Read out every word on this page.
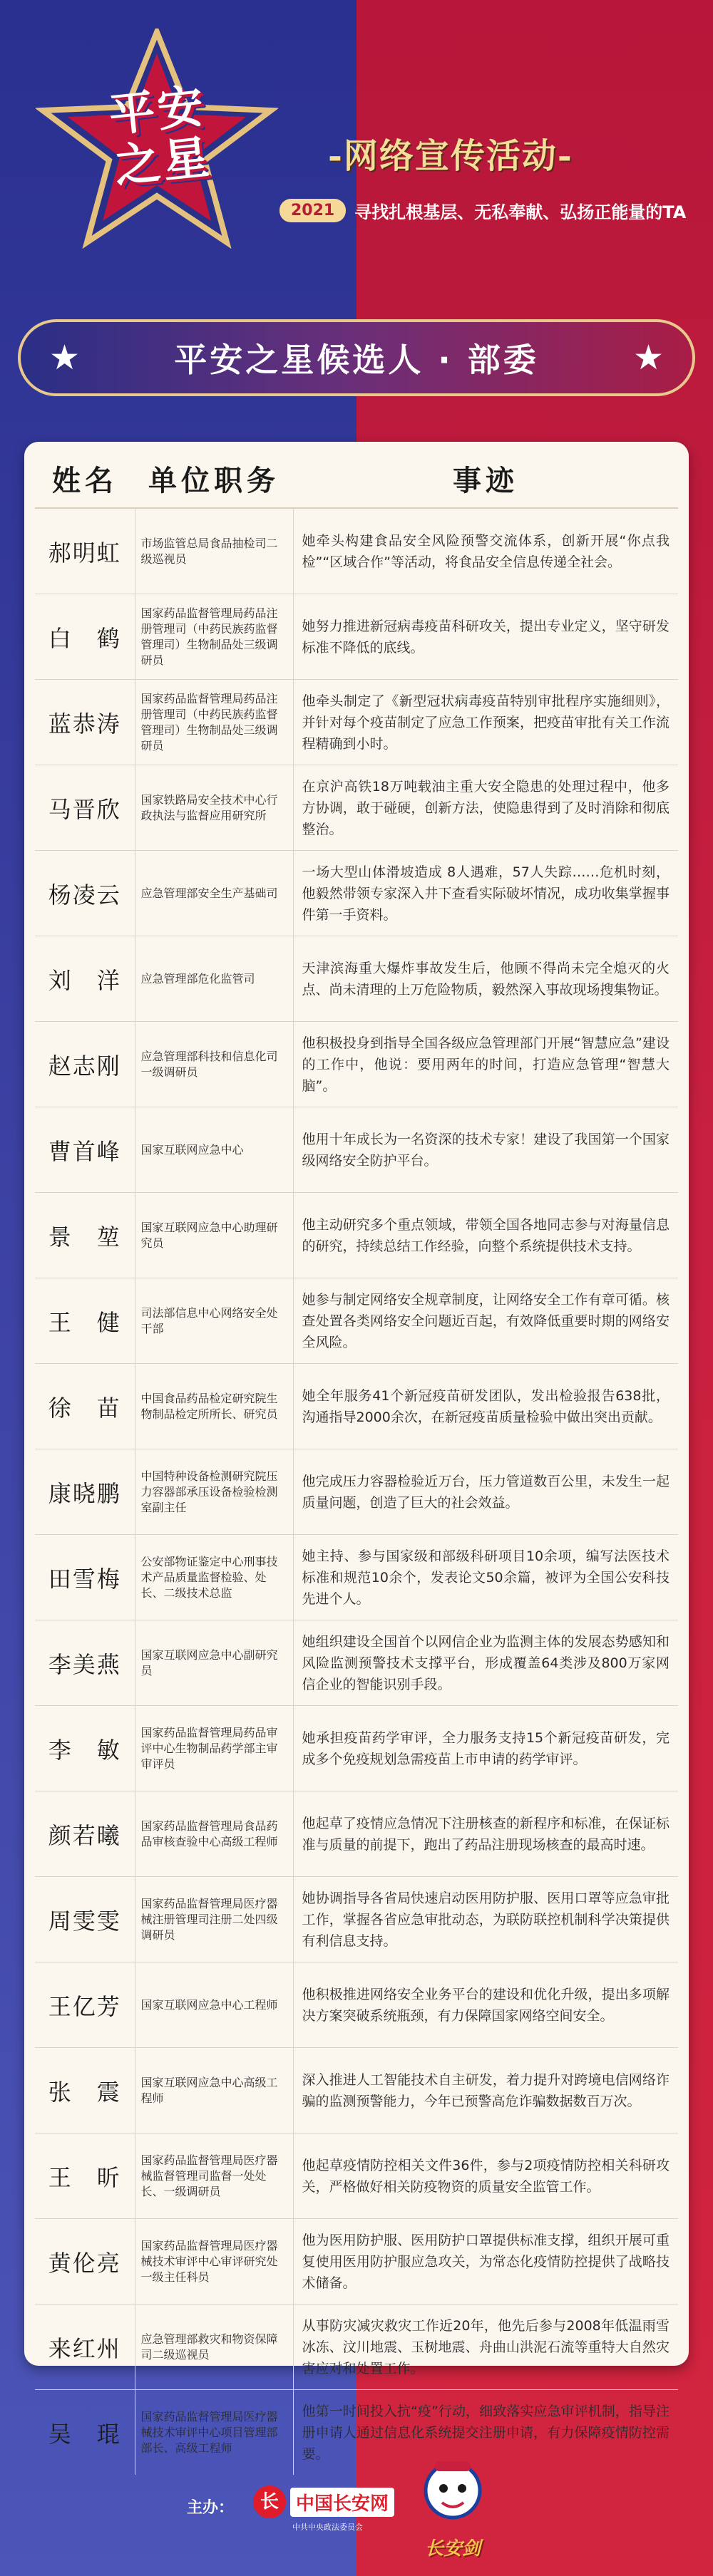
平安
之星	-网络宣传活动-
2021	寻找扎根基层、无私奉献、弘扬正能量的TA
★	平安之星候选人 · 部委	★
姓名	单位职务	事迹
郝明虹	市场监管总局食品抽检司二级巡视员	她牵头构建食品安全风险预警交流体系，创新开展“你点我检”“区域合作”等活动，将食品安全信息传递全社会。
白　鹤	国家药品监督管理局药品注册管理司（中药民族药监督管理司）生物制品处三级调研员	她努力推进新冠病毒疫苗科研攻关，提出专业定义，坚守研发标准不降低的底线。
蓝恭涛	国家药品监督管理局药品注册管理司（中药民族药监督管理司）生物制品处三级调研员	他牵头制定了《新型冠状病毒疫苗特别审批程序实施细则》，并针对每个疫苗制定了应急工作预案，把疫苗审批有关工作流程精确到小时。
马晋欣	国家铁路局安全技术中心行政执法与监督应用研究所	在京沪高铁18万吨载油主重大安全隐患的处理过程中，他多方协调，敢于碰硬，创新方法，使隐患得到了及时消除和彻底整治。
杨凌云	应急管理部安全生产基础司	一场大型山体滑坡造成 8人遇难，57人失踪……危机时刻，他毅然带领专家深入井下查看实际破坏情况，成功收集掌握事件第一手资料。
刘　洋	应急管理部危化监管司	天津滨海重大爆炸事故发生后，他顾不得尚未完全熄灭的火点、尚未清理的上万危险物质，毅然深入事故现场搜集物证。
赵志刚	应急管理部科技和信息化司一级调研员	他积极投身到指导全国各级应急管理部门开展“智慧应急”建设的工作中，他说：要用两年的时间，打造应急管理“智慧大脑”。
曹首峰	国家互联网应急中心	他用十年成长为一名资深的技术专家！建设了我国第一个国家级网络安全防护平台。
景　堃	国家互联网应急中心助理研究员	他主动研究多个重点领域，带领全国各地同志参与对海量信息的研究，持续总结工作经验，向整个系统提供技术支持。
王　健	司法部信息中心网络安全处干部	她参与制定网络安全规章制度，让网络安全工作有章可循。核查处置各类网络安全问题近百起，有效降低重要时期的网络安全风险。
徐　苗	中国食品药品检定研究院生物制品检定所所长、研究员	她全年服务41个新冠疫苗研发团队，发出检验报告638批，沟通指导2000余次，在新冠疫苗质量检验中做出突出贡献。
康晓鹏	中国特种设备检测研究院压力容器部承压设备检验检测室副主任	他完成压力容器检验近万台，压力管道数百公里，未发生一起质量问题，创造了巨大的社会效益。
田雪梅	公安部物证鉴定中心刑事技术产品质量监督检验、处长、二级技术总监	她主持、参与国家级和部级科研项目10余项，编写法医技术标准和规范10余个，发表论文50余篇，被评为全国公安科技先进个人。
李美燕	国家互联网应急中心副研究员	她组织建设全国首个以网信企业为监测主体的发展态势感知和风险监测预警技术支撑平台，形成覆盖64类涉及800万家网信企业的智能识别手段。
李　敏	国家药品监督管理局药品审评中心生物制品药学部主审审评员	她承担疫苗药学审评，全力服务支持15个新冠疫苗研发，完成多个免疫规划急需疫苗上市申请的药学审评。
颜若曦	国家药品监督管理局食品药品审核查验中心高级工程师	他起草了疫情应急情况下注册核查的新程序和标准，在保证标准与质量的前提下，跑出了药品注册现场核查的最高时速。
周雯雯	国家药品监督管理局医疗器械注册管理司注册二处四级调研员	她协调指导各省局快速启动医用防护服、医用口罩等应急审批工作，掌握各省应急审批动态，为联防联控机制科学决策提供有利信息支持。
王亿芳	国家互联网应急中心工程师	他积极推进网络安全业务平台的建设和优化升级，提出多项解决方案突破系统瓶颈，有力保障国家网络空间安全。
张　震	国家互联网应急中心高级工程师	深入推进人工智能技术自主研发，着力提升对跨境电信网络诈骗的监测预警能力，今年已预警高危诈骗数据数百万次。
王　昕	国家药品监督管理局医疗器械监督管理司监督一处处长、一级调研员	他起草疫情防控相关文件36件，参与2项疫情防控相关科研攻关，严格做好相关防疫物资的质量安全监管工作。
黄伦亮	国家药品监督管理局医疗器械技术审评中心审评研究处一级主任科员	他为医用防护服、医用防护口罩提供标准支撑，组织开展可重复使用医用防护服应急攻关，为常态化疫情防控提供了战略技术储备。
来红州	应急管理部救灾和物资保障司二级巡视员	从事防灾减灾救灾工作近20年，他先后参与2008年低温雨雪冰冻、汶川地震、玉树地震、舟曲山洪泥石流等重特大自然灾害应对和处置工作。
吴　琨	国家药品监督管理局医疗器械技术审评中心项目管理部部长、高级工程师	他第一时间投入抗“疫”行动，细致落实应急审评机制，指导注册申请人通过信息化系统提交注册申请，有力保障疫情防控需要。
主办：	长 中国长安网
中共中央政法委员会
长安剑
